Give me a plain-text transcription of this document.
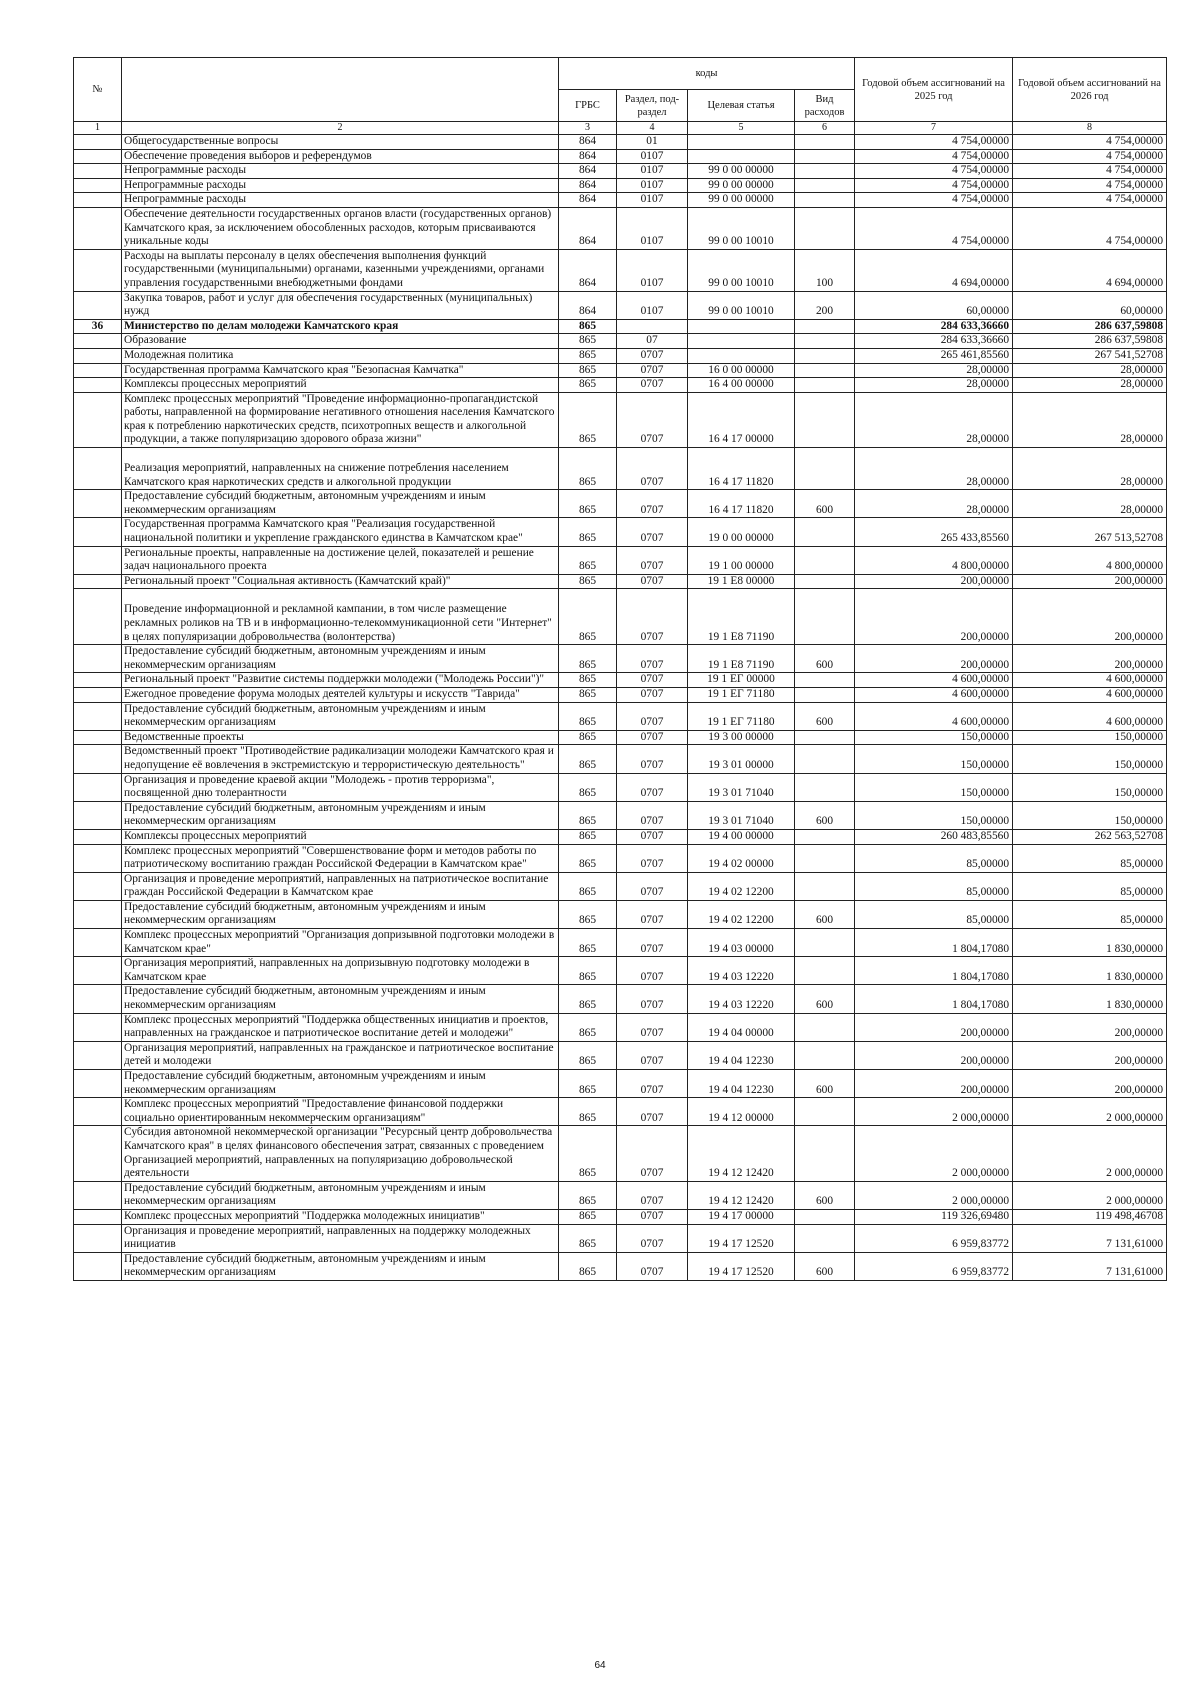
№		коды				Годовой объем ассигнований на 2025 год	Годовой объем ассигнований на 2026 год
		ГРБС	Раздел, под-раздел	Целевая статья	Вид расходов		
1	2	3	4	5	6	7	8
	Общегосударственные вопросы	864	01			4 754,00000	4 754,00000
	Обеспечение проведения выборов и референдумов	864	0107			4 754,00000	4 754,00000
	Непрограммные расходы	864	0107	99 0 00 00000		4 754,00000	4 754,00000
	Непрограммные расходы	864	0107	99 0 00 00000		4 754,00000	4 754,00000
	Непрограммные расходы	864	0107	99 0 00 00000		4 754,00000	4 754,00000
	Обеспечение деятельности государственных органов власти (государственных органов) Камчатского края, за исключением обособленных расходов, которым присваиваются уникальные коды	864	0107	99 0 00 10010		4 754,00000	4 754,00000
	Расходы на выплаты персоналу в целях обеспечения выполнения функций государственными (муниципальными) органами, казенными учреждениями, органами управления государственными внебюджетными фондами	864	0107	99 0 00 10010	100	4 694,00000	4 694,00000
	Закупка товаров, работ и услуг для обеспечения государственных (муниципальных) нужд	864	0107	99 0 00 10010	200	60,00000	60,00000
36	Министерство по делам молодежи Камчатского края	865				284 633,36660	286 637,59808
	Образование	865	07			284 633,36660	286 637,59808
	Молодежная политика	865	0707			265 461,85560	267 541,52708
	Государственная программа Камчатского края "Безопасная Камчатка"	865	0707	16 0 00 00000		28,00000	28,00000
	Комплексы процессных мероприятий	865	0707	16 4 00 00000		28,00000	28,00000
	Комплекс процессных мероприятий "Проведение информационно-пропагандистской работы, направленной на формирование негативного отношения населения Камчатского края к потреблению наркотических средств, психотропных веществ и алкогольной продукции, а также популяризацию здорового образа жизни"	865	0707	16 4 17 00000		28,00000	28,00000
	Реализация мероприятий, направленных на снижение потребления населением Камчатского края наркотических средств и алкогольной продукции	865	0707	16 4 17 11820		28,00000	28,00000
	Предоставление субсидий бюджетным, автономным учреждениям и иным некоммерческим организациям	865	0707	16 4 17 11820	600	28,00000	28,00000
	Государственная программа Камчатского края "Реализация государственной национальной политики и укрепление гражданского единства в Камчатском крае"	865	0707	19 0 00 00000		265 433,85560	267 513,52708
	Региональные проекты, направленные на достижение целей, показателей и решение задач национального проекта	865	0707	19 1 00 00000		4 800,00000	4 800,00000
	Региональный проект "Социальная активность (Камчатский край)"	865	0707	19 1 E8 00000		200,00000	200,00000
	Проведение информационной и рекламной кампании, в том числе размещение рекламных роликов на ТВ и в информационно-телекоммуникационной сети "Интернет" в целях популяризации добровольчества (волонтерства)	865	0707	19 1 E8 71190		200,00000	200,00000
	Предоставление субсидий бюджетным, автономным учреждениям и иным некоммерческим организациям	865	0707	19 1 E8 71190	600	200,00000	200,00000
	Региональный проект "Развитие системы поддержки молодежи ("Молодежь России")"	865	0707	19 1 ЕГ 00000		4 600,00000	4 600,00000
	Ежегодное проведение форума молодых деятелей культуры и искусств "Таврида"	865	0707	19 1 ЕГ 71180		4 600,00000	4 600,00000
	Предоставление субсидий бюджетным, автономным учреждениям и иным некоммерческим организациям	865	0707	19 1 ЕГ 71180	600	4 600,00000	4 600,00000
	Ведомственные проекты	865	0707	19 3 00 00000		150,00000	150,00000
	Ведомственный проект "Противодействие радикализации молодежи Камчатского края и недопущение её вовлечения в экстремистскую и террористическую деятельность"	865	0707	19 3 01 00000		150,00000	150,00000
	Организация и проведение краевой акции "Молодежь - против терроризма", посвященной дню толерантности	865	0707	19 3 01 71040		150,00000	150,00000
	Предоставление субсидий бюджетным, автономным учреждениям и иным некоммерческим организациям	865	0707	19 3 01 71040	600	150,00000	150,00000
	Комплексы процессных мероприятий	865	0707	19 4 00 00000		260 483,85560	262 563,52708
	Комплекс процессных мероприятий "Совершенствование форм и методов работы по патриотическому воспитанию граждан Российской Федерации в Камчатском крае"	865	0707	19 4 02 00000		85,00000	85,00000
	Организация и проведение мероприятий, направленных на патриотическое воспитание граждан Российской Федерации в Камчатском крае	865	0707	19 4 02 12200		85,00000	85,00000
	Предоставление субсидий бюджетным, автономным учреждениям и иным некоммерческим организациям	865	0707	19 4 02 12200	600	85,00000	85,00000
	Комплекс процессных мероприятий "Организация допризывной подготовки молодежи в Камчатском крае"	865	0707	19 4 03 00000		1 804,17080	1 830,00000
	Организация мероприятий, направленных на допризывную подготовку молодежи в Камчатском крае	865	0707	19 4 03 12220		1 804,17080	1 830,00000
	Предоставление субсидий бюджетным, автономным учреждениям и иным некоммерческим организациям	865	0707	19 4 03 12220	600	1 804,17080	1 830,00000
	Комплекс процессных мероприятий "Поддержка общественных инициатив и проектов, направленных на гражданское и патриотическое воспитание детей и молодежи"	865	0707	19 4 04 00000		200,00000	200,00000
	Организация мероприятий, направленных на гражданское и патриотическое воспитание детей и молодежи	865	0707	19 4 04 12230		200,00000	200,00000
	Предоставление субсидий бюджетным, автономным учреждениям и иным некоммерческим организациям	865	0707	19 4 04 12230	600	200,00000	200,00000
	Комплекс процессных мероприятий "Предоставление финансовой поддержки социально ориентированным некоммерческим организациям"	865	0707	19 4 12 00000		2 000,00000	2 000,00000
	Субсидия автономной некоммерческой организации "Ресурсный центр добровольчества Камчатского края" в целях финансового обеспечения затрат, связанных с проведением Организацией мероприятий, направленных на популяризацию добровольческой деятельности	865	0707	19 4 12 12420		2 000,00000	2 000,00000
	Предоставление субсидий бюджетным, автономным учреждениям и иным некоммерческим организациям	865	0707	19 4 12 12420	600	2 000,00000	2 000,00000
	Комплекс процессных мероприятий "Поддержка молодежных инициатив"	865	0707	19 4 17 00000		119 326,69480	119 498,46708
	Организация и проведение мероприятий, направленных на поддержку молодежных инициатив	865	0707	19 4 17 12520		6 959,83772	7 131,61000
	Предоставление субсидий бюджетным, автономным учреждениям и иным некоммерческим организациям	865	0707	19 4 17 12520	600	6 959,83772	7 131,61000
64
